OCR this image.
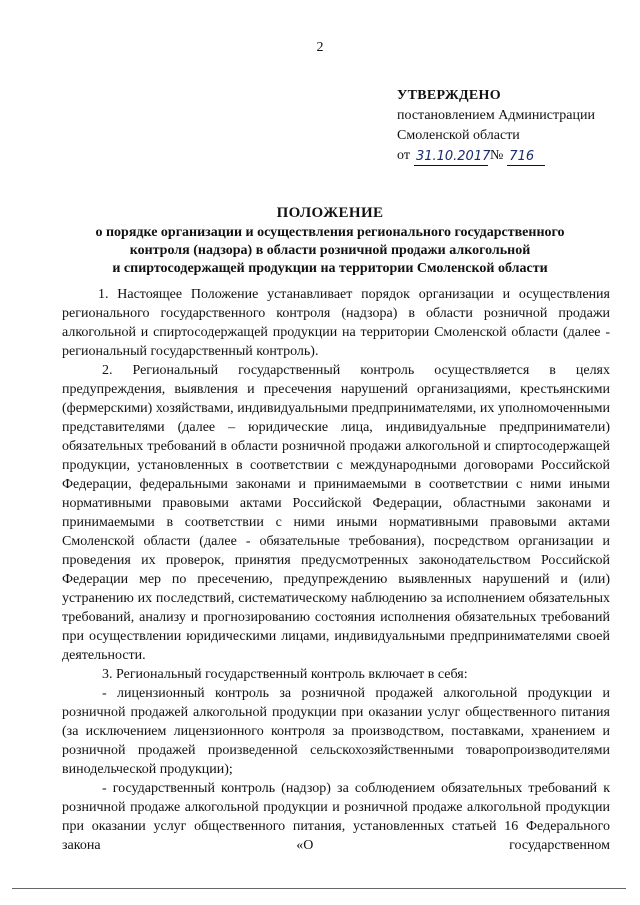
2
УТВЕРЖДЕНО
постановлением Администрации
Смоленской области
от 31.10.2017 № 716
ПОЛОЖЕНИЕ
о порядке организации и осуществления регионального государственного
контроля (надзора) в области розничной продажи алкогольной
и спиртосодержащей продукции на территории Смоленской области

1. Настоящее Положение устанавливает порядок организации и осуществления регионального государственного контроля (надзора) в области розничной продажи алкогольной и спиртосодержащей продукции на территории Смоленской области (далее - региональный государственный контроль).

2. Региональный государственный контроль осуществляется в целях предупреждения, выявления и пресечения нарушений организациями, крестьянскими (фермерскими) хозяйствами, индивидуальными предпринимателями, их уполномоченными представителями (далее – юридические лица, индивидуальные предприниматели) обязательных требований в области розничной продажи алкогольной и спиртосодержащей продукции, установленных в соответствии с международными договорами Российской Федерации, федеральными законами и принимаемыми в соответствии с ними иными нормативными правовыми актами Российской Федерации, областными законами и принимаемыми в соответствии с ними иными нормативными правовыми актами Смоленской области (далее - обязательные требования), посредством организации и проведения их проверок, принятия предусмотренных законодательством Российской Федерации мер по пресечению, предупреждению выявленных нарушений и (или) устранению их последствий, систематическому наблюдению за исполнением обязательных требований, анализу и прогнозированию состояния исполнения обязательных требований при осуществлении юридическими лицами, индивидуальными предпринимателями своей деятельности.

3. Региональный государственный контроль включает в себя:

- лицензионный контроль за розничной продажей алкогольной продукции и розничной продажей алкогольной продукции при оказании услуг общественного питания (за исключением лицензионного контроля за производством, поставками, хранением и розничной продажей произведенной сельскохозяйственными товаропроизводителями винодельческой продукции);

- государственный контроль (надзор) за соблюдением обязательных требований к розничной продаже алкогольной продукции и розничной продаже алкогольной продукции при оказании услуг общественного питания, установленных статьей 16 Федерального закона «О государственном
